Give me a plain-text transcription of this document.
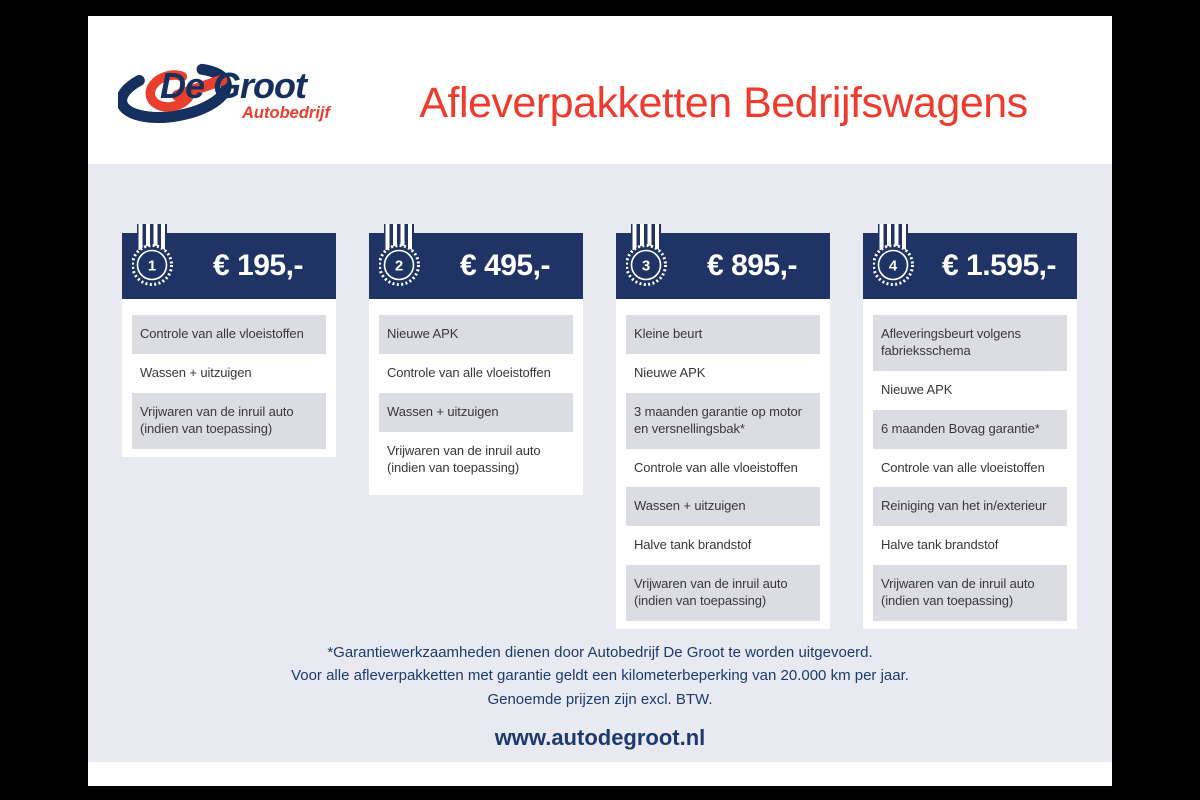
De Groot
Autobedrijf	Afleverpakketten Bedrijfswagens
1	€ 195,-
Controle van alle vloeistoffen
Wassen + uitzuigen
Vrijwaren van de inruil auto (indien van toepassing)
2	€ 495,-
Nieuwe APK
Controle van alle vloeistoffen
Wassen + uitzuigen
Vrijwaren van de inruil auto (indien van toepassing)
3	€ 895,-
Kleine beurt
Nieuwe APK
3 maanden garantie op motor en versnellingsbak*
Controle van alle vloeistoffen
Wassen + uitzuigen
Halve tank brandstof
Vrijwaren van de inruil auto (indien van toepassing)
4	€ 1.595,-
Afleveringsbeurt volgens fabrieksschema
Nieuwe APK
6 maanden Bovag garantie*
Controle van alle vloeistoffen
Reiniging van het in/exterieur
Halve tank brandstof
Vrijwaren van de inruil auto (indien van toepassing)
*Garantiewerkzaamheden dienen door Autobedrijf De Groot te worden uitgevoerd.
Voor alle afleverpakketten met garantie geldt een kilometerbeperking van 20.000 km per jaar.
Genoemde prijzen zijn excl. BTW.
www.autodegroot.nl
